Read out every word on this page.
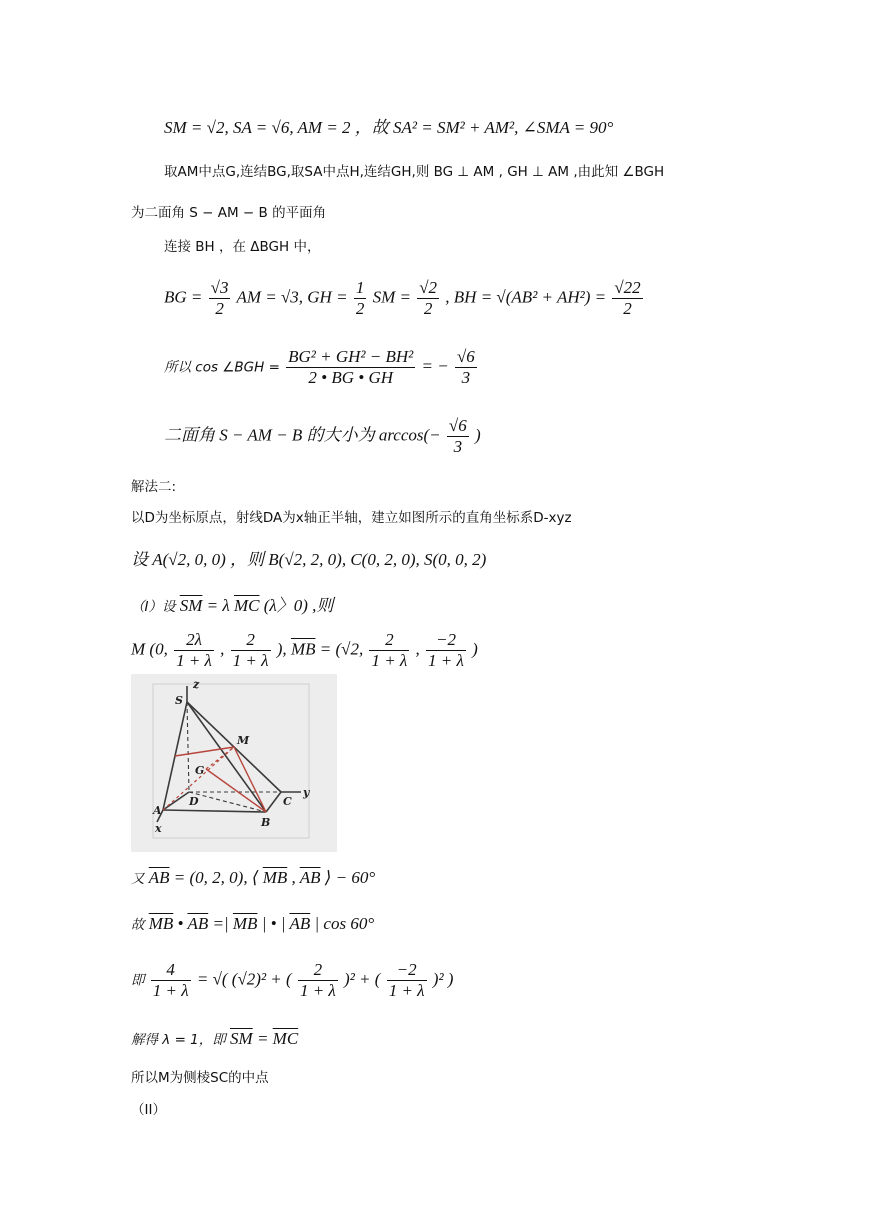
SM = √2, SA = √6, AM = 2 ，故 SA² = SM² + AM², ∠SMA = 90°
取AM中点G,连结BG,取SA中点H,连结GH,则 BG ⊥ AM , GH ⊥ AM ,由此知 ∠BGH
为二面角 S − AM − B 的平面角
连接 BH ，在 ΔBGH 中，
BG = $\frac{√3}{2}$ AM = √3, GH = $\frac{1}{2}$ SM = $\frac{√2}{2}$ , BH = $√(AB^2 + AH^2) = \frac{√22}{2}$
所以 cos ∠BGH = $\frac{\text{BG² + GH² − BH²}}{2 • BG • GH}$ = − $\frac{√6}{3}$
二面角 S − AM − B 的大小为 $\arccos(- \frac{√6}{3}$ )
解法二:
以D为坐标原点，射线DA为x轴正半轴，建立如图所示的直角坐标系D-xyz
设 A(√2, 0, 0) ，则 B(√2, 2, 0), C(0, 2, 0), S(0, 0, 2)
（Ⅰ）设 $\overline{SM} = \lambda$ $\overline{MC}$ (λ〉0) ,则
M (0, $\frac{2\lambda}{1 + \lambda}$ , $\frac{2}{1 + \lambda}$ ), $\overline{MB} = (√2$, $\frac{2}{1 + \lambda}$ , $\frac{-2}{1 + \lambda}$ )
S
z
M
G
D
A
C
y
B
x
又 $\overline{AB} = (0$, 2, 0), ⟨ $\overline{MB}$ , $\overline{AB}$ ⟩ − 60°
故 $\overline{MB}$ • $\overline{AB}$ =| $\overline{MB}$ | • | $\overline{AB}$ | cos 60°
即 $\frac{4}{1 + \lambda}$ = √( (√2)² + ( $\frac{2}{1 + \lambda} )^2$ + ( $\frac{-2}{1 + \lambda} )^2$ )
解得 λ = 1，即 $\overline{SM} = \overline{MC}$
所以M为侧棱SC的中点
（II）
